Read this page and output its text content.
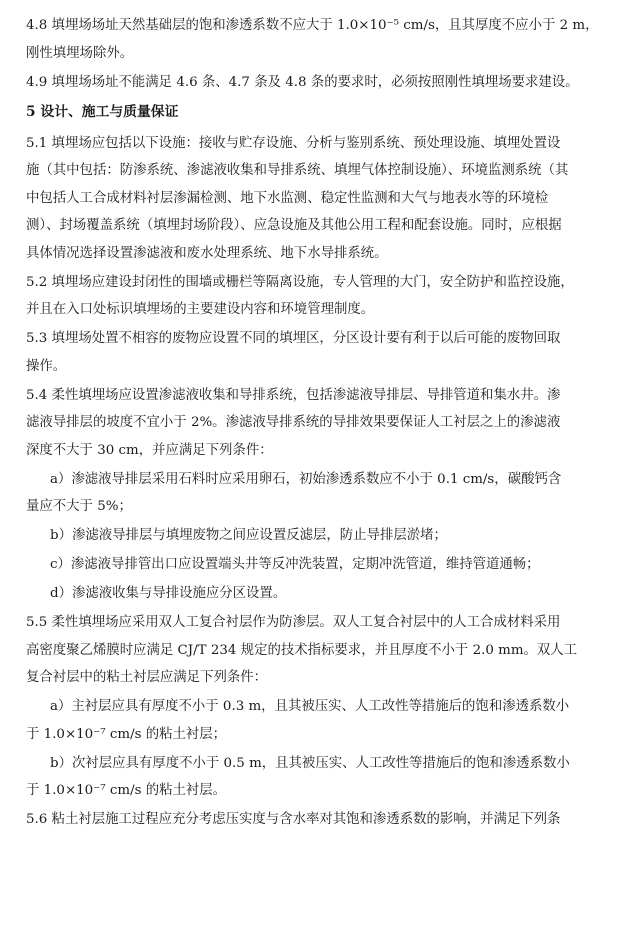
4.8 填埋场场址天然基础层的饱和渗透系数不应大于 1.0×10⁻⁵ cm/s，且其厚度不应小于 2 m，
刚性填埋场除外。
4.9 填埋场场址不能满足 4.6 条、4.7 条及 4.8 条的要求时，必须按照刚性填埋场要求建设。
5 设计、施工与质量保证
5.1 填埋场应包括以下设施：接收与贮存设施、分析与鉴别系统、预处理设施、填埋处置设
施（其中包括：防渗系统、渗滤液收集和导排系统、填埋气体控制设施）、环境监测系统（其
中包括人工合成材料衬层渗漏检测、地下水监测、稳定性监测和大气与地表水等的环境检
测）、封场覆盖系统（填埋封场阶段）、应急设施及其他公用工程和配套设施。同时，应根据
具体情况选择设置渗滤液和废水处理系统、地下水导排系统。
5.2 填埋场应建设封闭性的围墙或栅栏等隔离设施，专人管理的大门，安全防护和监控设施，
并且在入口处标识填埋场的主要建设内容和环境管理制度。
5.3 填埋场处置不相容的废物应设置不同的填埋区，分区设计要有利于以后可能的废物回取
操作。
5.4 柔性填埋场应设置渗滤液收集和导排系统，包括渗滤液导排层、导排管道和集水井。渗
滤液导排层的坡度不宜小于 2%。渗滤液导排系统的导排效果要保证人工衬层之上的渗滤液
深度不大于 30 cm，并应满足下列条件：
a）渗滤液导排层采用石料时应采用卵石，初始渗透系数应不小于 0.1 cm/s，碳酸钙含
量应不大于 5%；
b）渗滤液导排层与填埋废物之间应设置反滤层，防止导排层淤堵；
c）渗滤液导排管出口应设置端头井等反冲洗装置，定期冲洗管道，维持管道通畅；
d）渗滤液收集与导排设施应分区设置。
5.5 柔性填埋场应采用双人工复合衬层作为防渗层。双人工复合衬层中的人工合成材料采用
高密度聚乙烯膜时应满足 CJ/T 234 规定的技术指标要求，并且厚度不小于 2.0 mm。双人工
复合衬层中的粘土衬层应满足下列条件：
a）主衬层应具有厚度不小于 0.3 m，且其被压实、人工改性等措施后的饱和渗透系数小
于 1.0×10⁻⁷ cm/s 的粘土衬层；
b）次衬层应具有厚度不小于 0.5 m，且其被压实、人工改性等措施后的饱和渗透系数小
于 1.0×10⁻⁷ cm/s 的粘土衬层。
5.6 粘土衬层施工过程应充分考虑压实度与含水率对其饱和渗透系数的影响，并满足下列条
